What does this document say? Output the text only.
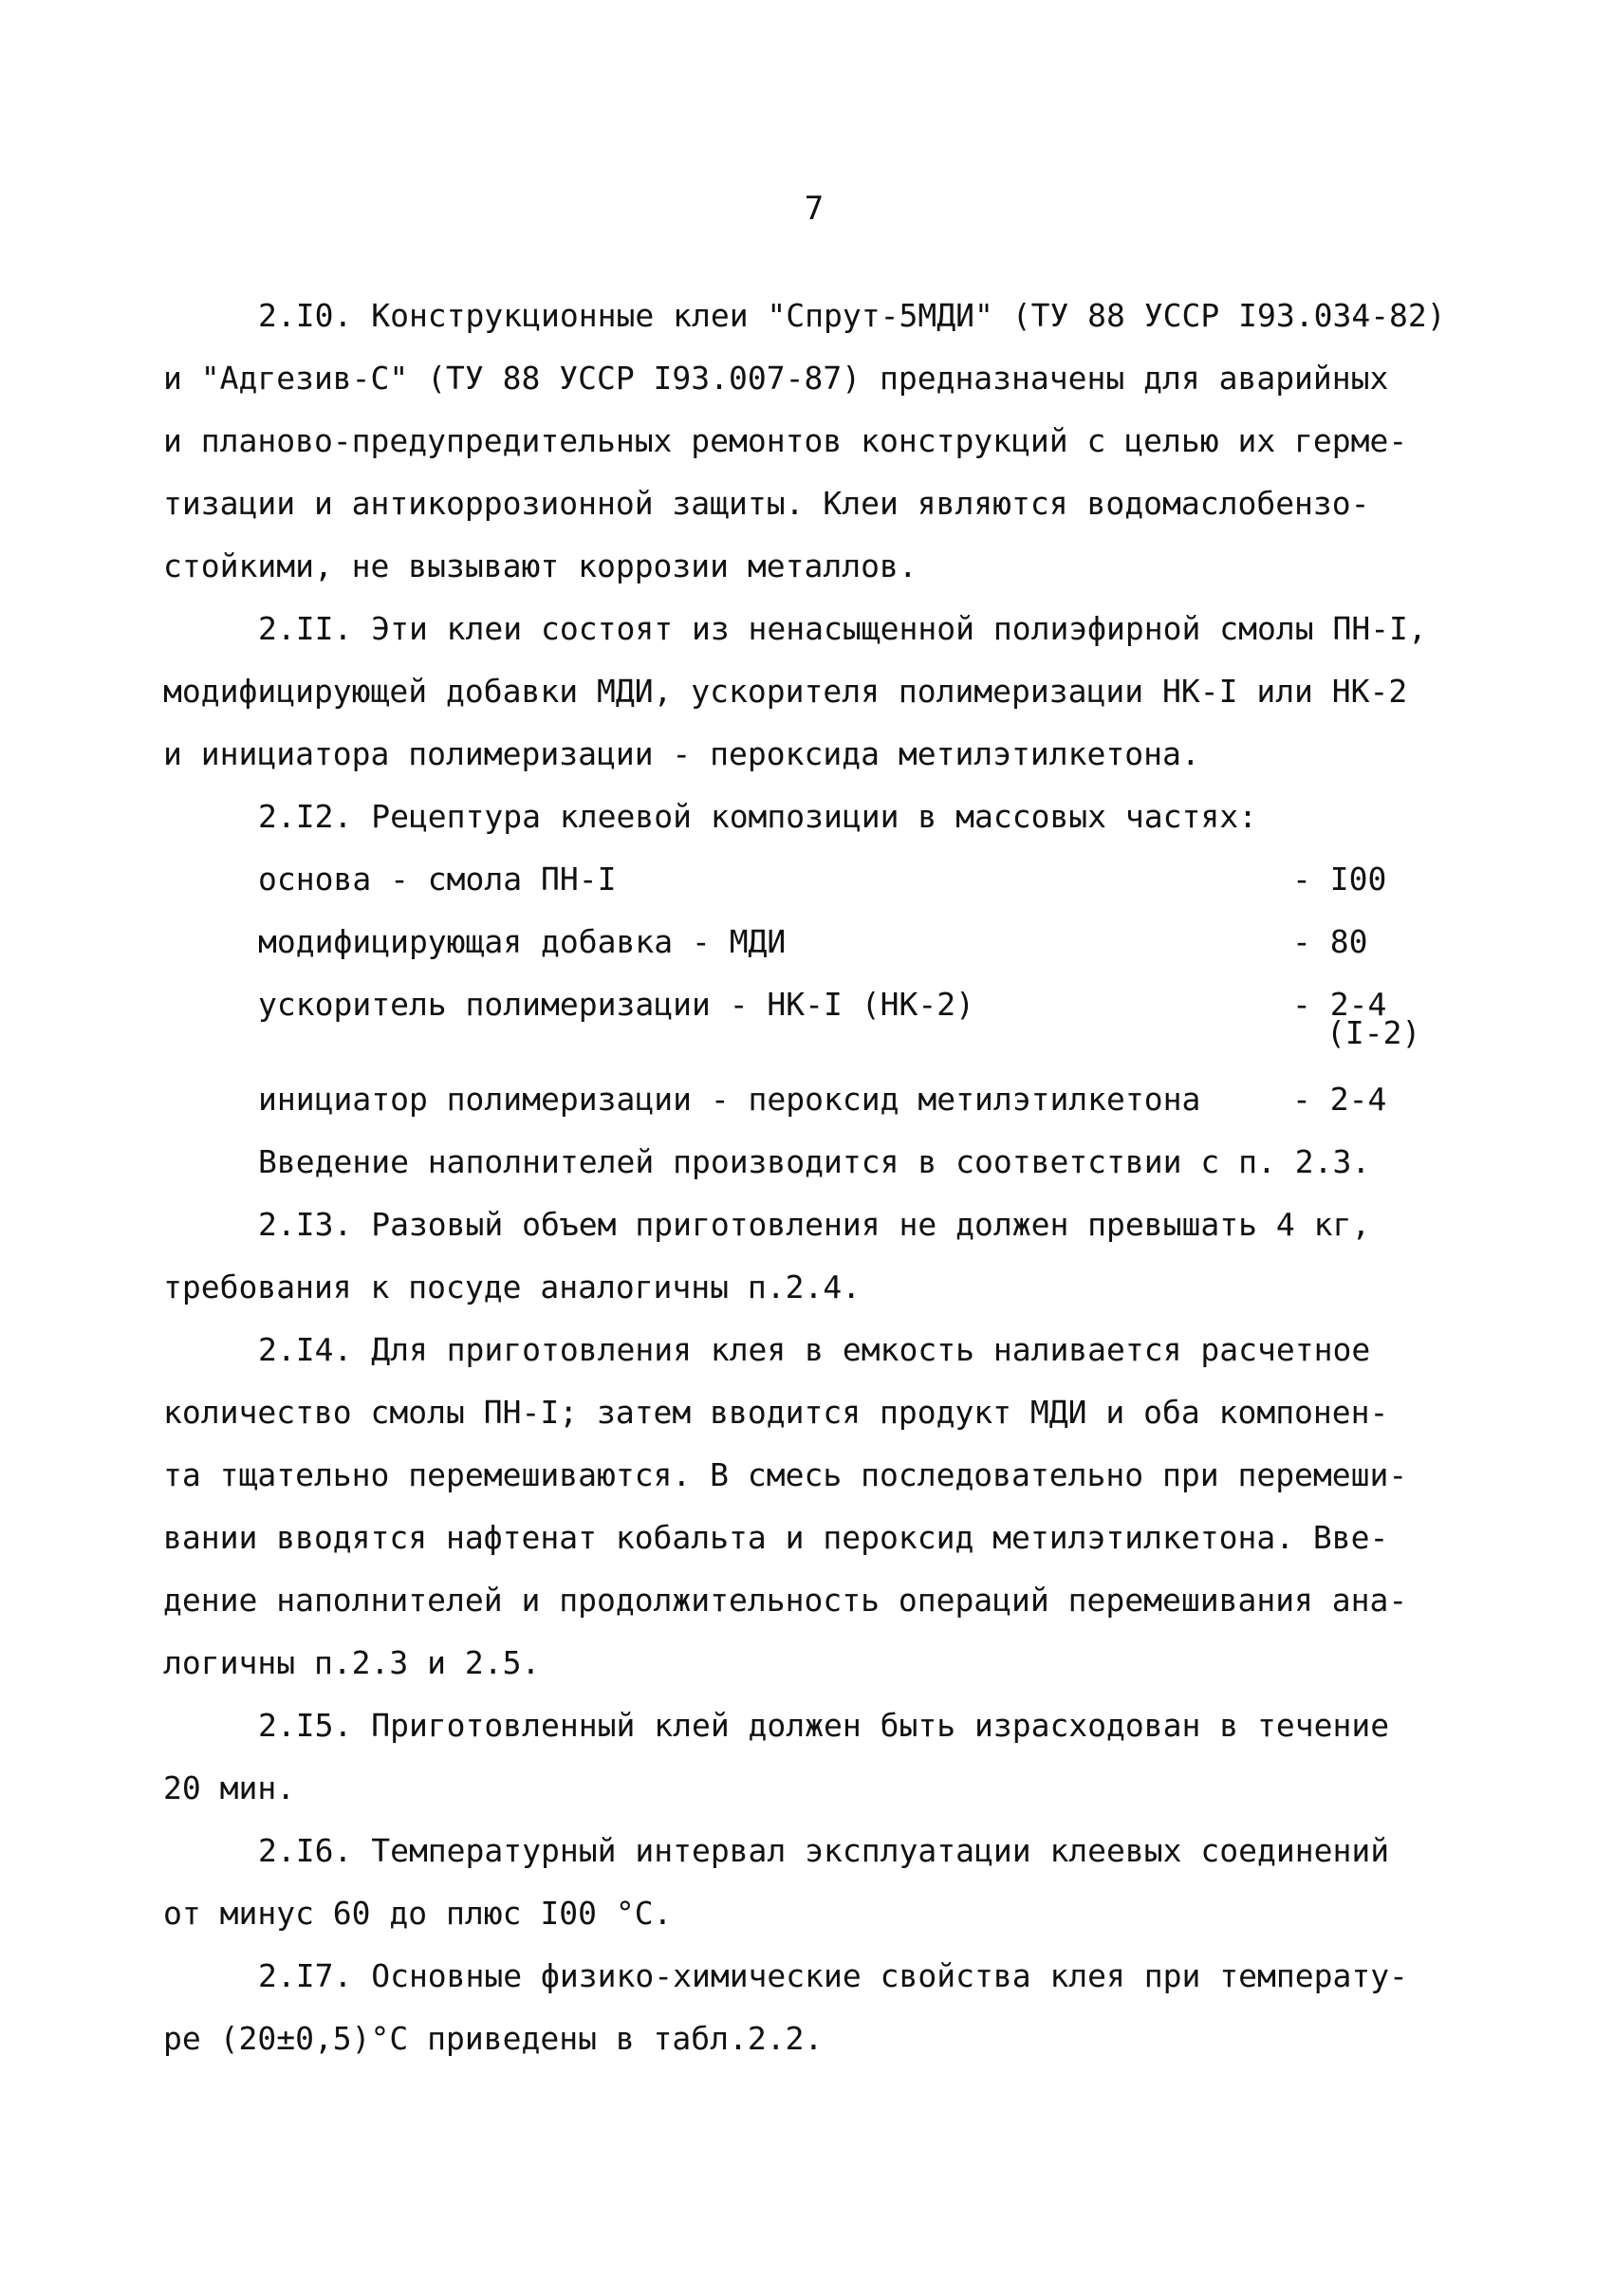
7

2.I0. Конструкционные клеи "Спрут-5МДИ" (ТУ 88 УССР I93.034-82)
и "Адгезив-С" (ТУ 88 УССР I93.007-87) предназначены для аварийных
и планово-предупредительных ремонтов конструкций с целью их герме-
тизации и антикоррозионной защиты. Клеи являются водомаслобензо-
стойкими, не вызывают коррозии металлов.

2.II. Эти клеи состоят из ненасыщенной полиэфирной смолы ПН-I,
модифицирующей добавки МДИ, ускорителя полимеризации НК-I или НК-2
и инициатора полимеризации - пероксида метилэтилкетона.

2.I2. Рецептура клеевой композиции в массовых частях:

основа - смола ПН-I	- I00
модифицирующая добавка - МДИ	- 80
ускоритель полимеризации - НК-I (НК-2)	- 2-4
(I-2)
инициатор полимеризации - пероксид метилэтилкетона	- 2-4
Введение наполнителей производится в соответствии с п. 2.3.

2.I3. Разовый объем приготовления не должен превышать 4 кг,
требования к посуде аналогичны п.2.4.

2.I4. Для приготовления клея в емкость наливается расчетное
количество смолы ПН-I; затем вводится продукт МДИ и оба компонен-
та тщательно перемешиваются. В смесь последовательно при перемеши-
вании вводятся нафтенат кобальта и пероксид метилэтилкетона. Вве-
дение наполнителей и продолжительность операций перемешивания ана-
логичны п.2.3 и 2.5.

2.I5. Приготовленный клей должен быть израсходован в течение
20 мин.

2.I6. Температурный интервал эксплуатации клеевых соединений
от минус 60 до плюс I00 °С.

2.I7. Основные физико-химические свойства клея при температу-
ре (20±0,5)°С приведены в табл.2.2.
